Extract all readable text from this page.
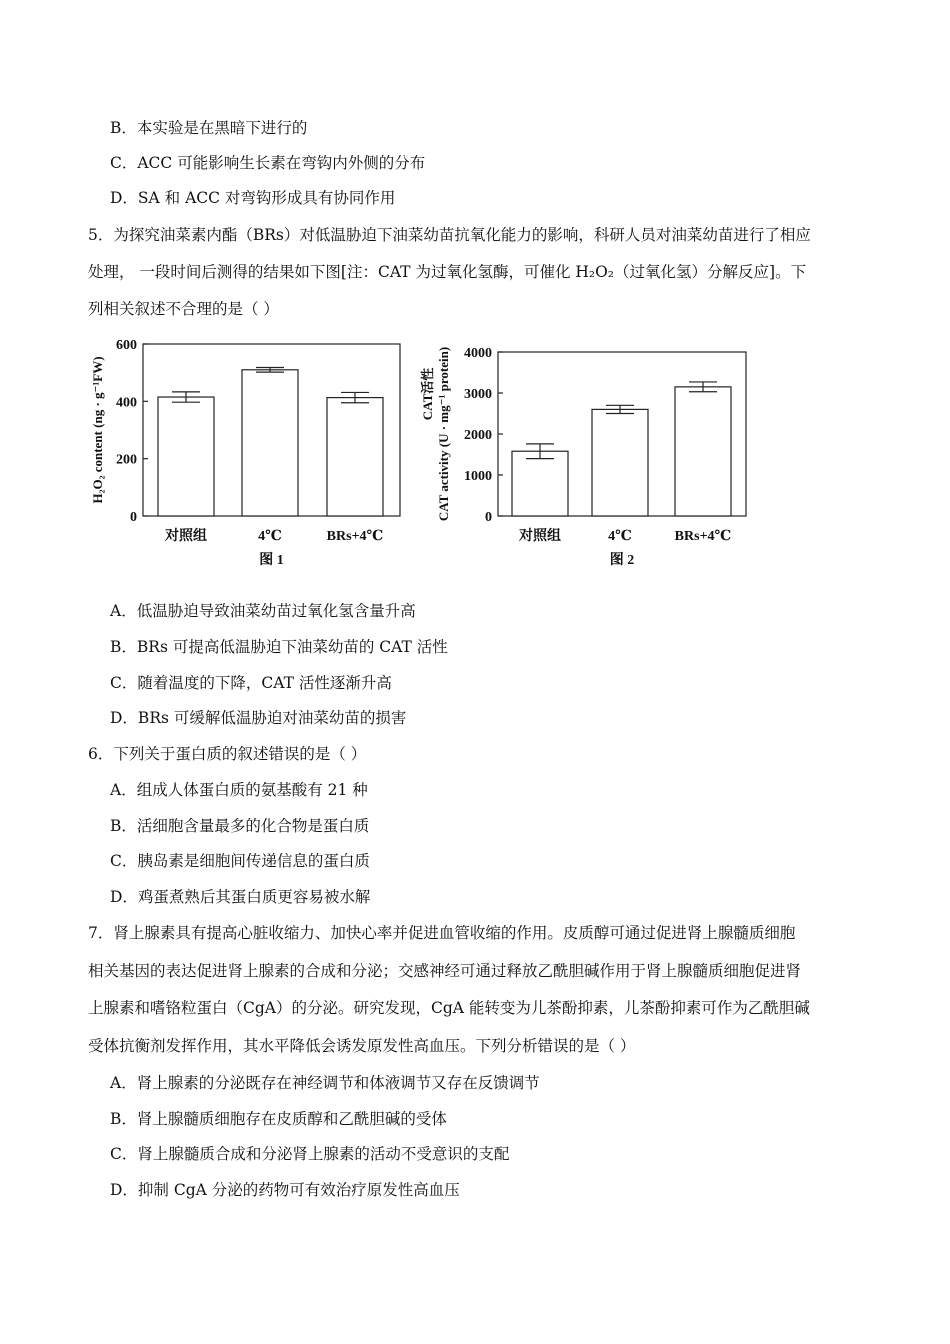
B．本实验是在黑暗下进行的
C．ACC 可能影响生长素在弯钩内外侧的分布
D．SA 和 ACC 对弯钩形成具有协同作用
5．为探究油菜素内酯（BRs）对低温胁迫下油菜幼苗抗氧化能力的影响，科研人员对油菜幼苗进行了相应
处理， 一段时间后测得的结果如下图[注：CAT 为过氧化氢酶，可催化 H₂O₂（过氧化氢）分解反应]。下
列相关叙述不合理的是（ ）
0
200
400
600
对照组	4℃	BRs+4℃
图 1
H₂O₂ content (ng · g⁻¹FW)
0
1000
2000
3000
4000
对照组	4℃	BRs+4℃
图 2
CAT activity (U · mg⁻¹ protein)
CAT活性
A．低温胁迫导致油菜幼苗过氧化氢含量升高
B．BRs 可提高低温胁迫下油菜幼苗的 CAT 活性
C．随着温度的下降，CAT 活性逐渐升高
D．BRs 可缓解低温胁迫对油菜幼苗的损害
6．下列关于蛋白质的叙述错误的是（ ）
A．组成人体蛋白质的氨基酸有 21 种
B．活细胞含量最多的化合物是蛋白质
C．胰岛素是细胞间传递信息的蛋白质
D．鸡蛋煮熟后其蛋白质更容易被水解
7．肾上腺素具有提高心脏收缩力、加快心率并促进血管收缩的作用。皮质醇可通过促进肾上腺髓质细胞
相关基因的表达促进肾上腺素的合成和分泌；交感神经可通过释放乙酰胆碱作用于肾上腺髓质细胞促进肾
上腺素和嗜铬粒蛋白（CgA）的分泌。研究发现，CgA 能转变为儿茶酚抑素，儿茶酚抑素可作为乙酰胆碱
受体抗衡剂发挥作用，其水平降低会诱发原发性高血压。下列分析错误的是（ ）
A．肾上腺素的分泌既存在神经调节和体液调节又存在反馈调节
B．肾上腺髓质细胞存在皮质醇和乙酰胆碱的受体
C．肾上腺髓质合成和分泌肾上腺素的活动不受意识的支配
D．抑制 CgA 分泌的药物可有效治疗原发性高血压
